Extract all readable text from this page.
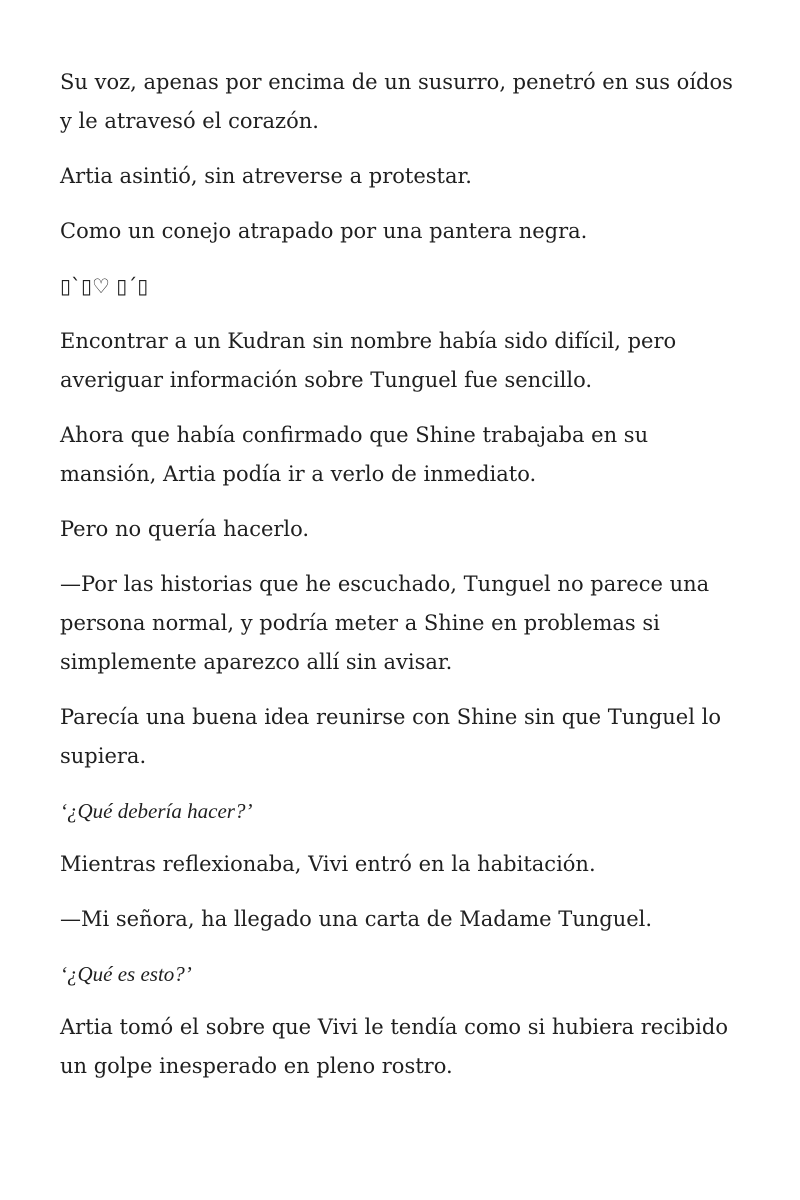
Su voz, apenas por encima de un susurro, penetró en sus oídos y le atravesó el corazón.

Artia asintió, sin atreverse a protestar.

Como un conejo atrapado por una pantera negra.

▯`▯♡ ▯´▯

Encontrar a un Kudran sin nombre había sido difícil, pero averiguar información sobre Tunguel fue sencillo.

Ahora que había confirmado que Shine trabajaba en su mansión, Artia podía ir a verlo de inmediato.

Pero no quería hacerlo.

—Por las historias que he escuchado, Tunguel no parece una persona normal, y podría meter a Shine en problemas si simplemente aparezco allí sin avisar.

Parecía una buena idea reunirse con Shine sin que Tunguel lo supiera.

‘¿Qué debería hacer?’

Mientras reflexionaba, Vivi entró en la habitación.

—Mi señora, ha llegado una carta de Madame Tunguel.

‘¿Qué es esto?’

Artia tomó el sobre que Vivi le tendía como si hubiera recibido un golpe inesperado en pleno rostro.
